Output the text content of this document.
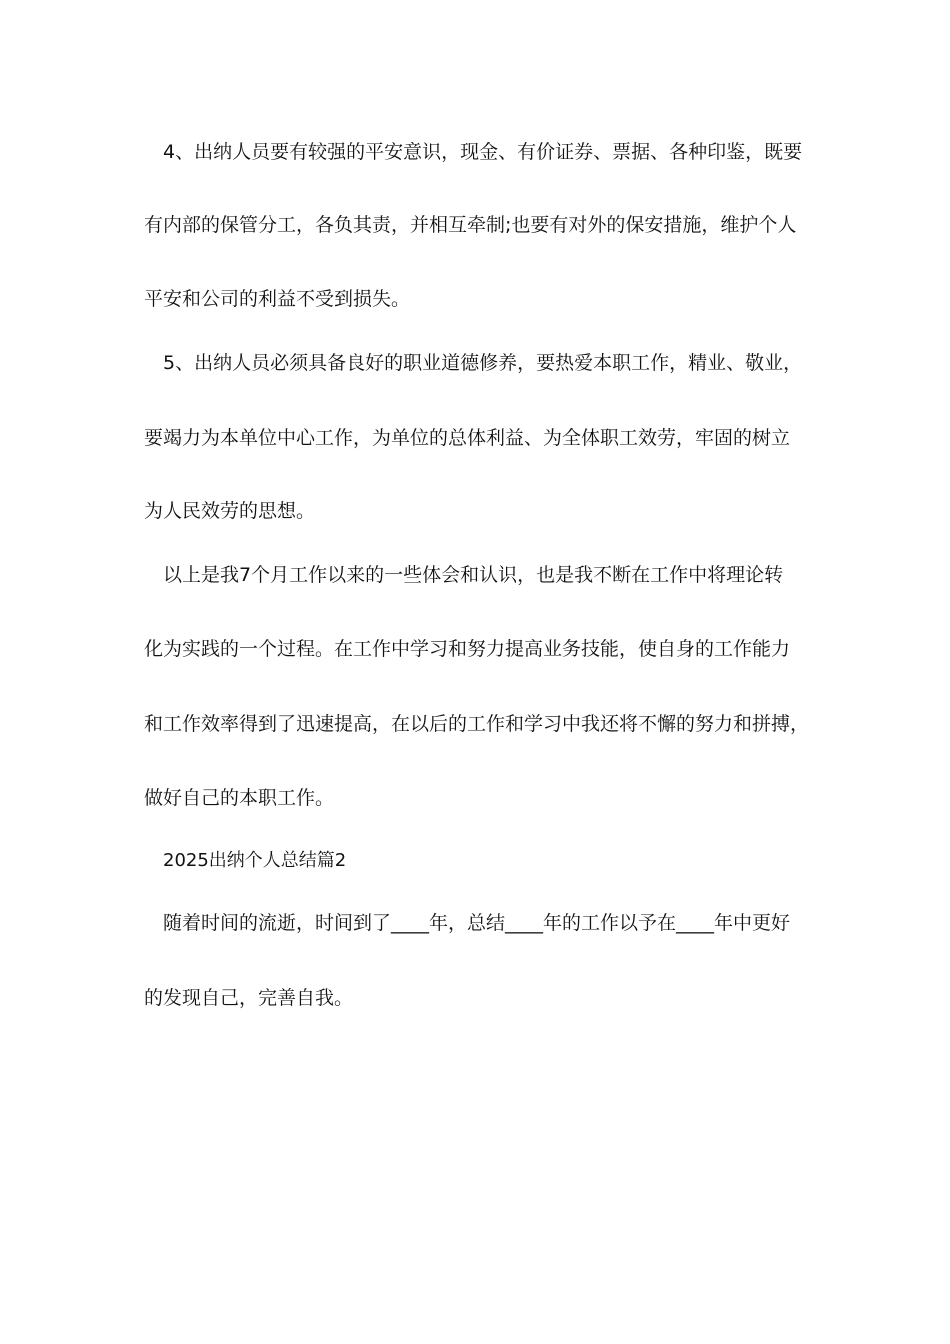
4、出纳人员要有较强的平安意识，现金、有价证券、票据、各种印鉴，既要
有内部的保管分工，各负其责，并相互牵制;也要有对外的保安措施，维护个人
平安和公司的利益不受到损失。
5、出纳人员必须具备良好的职业道德修养，要热爱本职工作，精业、敬业，
要竭力为本单位中心工作，为单位的总体利益、为全体职工效劳，牢固的树立
为人民效劳的思想。
以上是我7个月工作以来的一些体会和认识，也是我不断在工作中将理论转
化为实践的一个过程。在工作中学习和努力提高业务技能，使自身的工作能力
和工作效率得到了迅速提高，在以后的工作和学习中我还将不懈的努力和拼搏，
做好自己的本职工作。
2025出纳个人总结篇2
随着时间的流逝，时间到了____年，总结____年的工作以予在____年中更好
的发现自己，完善自我。
